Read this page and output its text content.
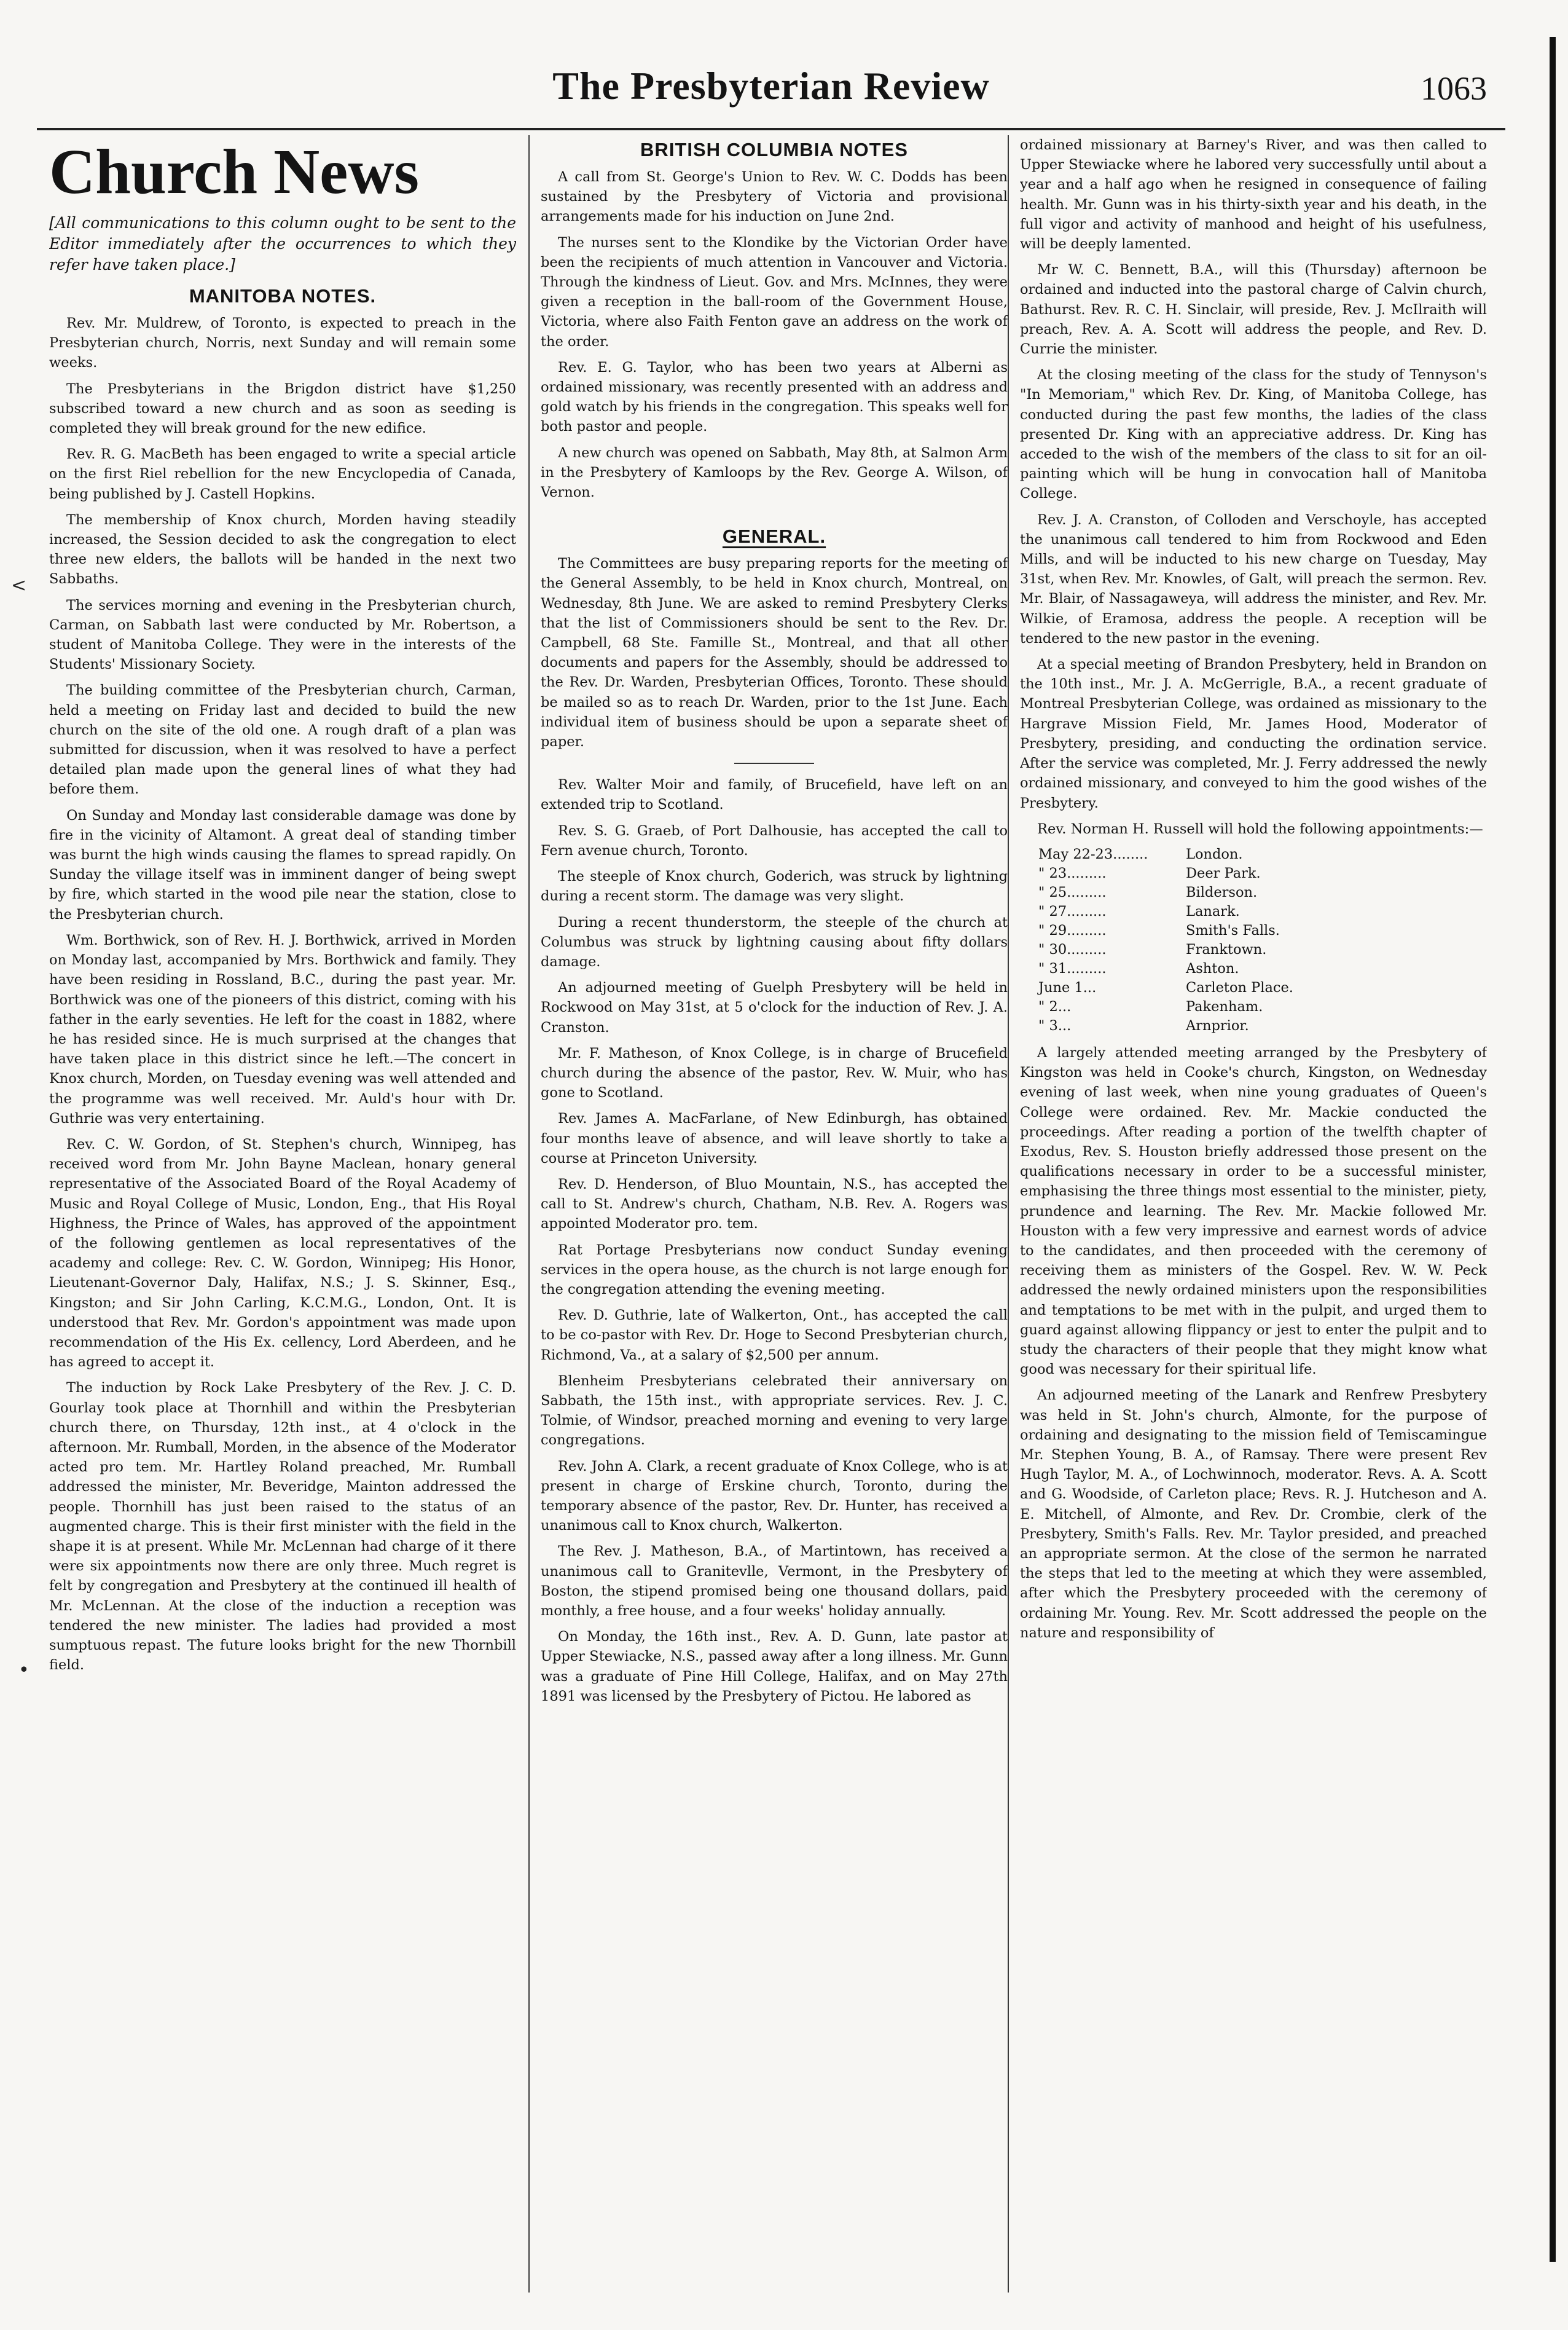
The Presbyterian Review	1063
<
•
Church News
[All communications to this column ought to be sent to the Editor immediately after the occurrences to which they refer have taken place.]
MANITOBA NOTES.

Rev. Mr. Muldrew, of Toronto, is expected to preach in the Presbyterian church, Norris, next Sunday and will remain some weeks.

The Presbyterians in the Brigdon district have $1,250 subscribed toward a new church and as soon as seeding is completed they will break ground for the new edifice.

Rev. R. G. MacBeth has been engaged to write a special article on the first Riel rebellion for the new Encyclopedia of Canada, being published by J. Castell Hopkins.

The membership of Knox church, Morden having steadily increased, the Session decided to ask the congregation to elect three new elders, the ballots will be handed in the next two Sabbaths.

The services morning and evening in the Presbyterian church, Carman, on Sabbath last were conducted by Mr. Robertson, a student of Manitoba College. They were in the interests of the Students' Missionary Society.

The building committee of the Presbyterian church, Carman, held a meeting on Friday last and decided to build the new church on the site of the old one. A rough draft of a plan was submitted for discussion, when it was resolved to have a perfect detailed plan made upon the general lines of what they had before them.

On Sunday and Monday last considerable damage was done by fire in the vicinity of Altamont. A great deal of standing timber was burnt the high winds causing the flames to spread rapidly. On Sunday the village itself was in imminent danger of being swept by fire, which started in the wood pile near the station, close to the Presbyterian church.

Wm. Borthwick, son of Rev. H. J. Borthwick, arrived in Morden on Monday last, accompanied by Mrs. Borthwick and family. They have been residing in Rossland, B.C., during the past year. Mr. Borthwick was one of the pioneers of this district, coming with his father in the early seventies. He left for the coast in 1882, where he has resided since. He is much surprised at the changes that have taken place in this district since he left.—The concert in Knox church, Morden, on Tuesday evening was well attended and the programme was well received. Mr. Auld's hour with Dr. Guthrie was very entertaining.

Rev. C. W. Gordon, of St. Stephen's church, Winnipeg, has received word from Mr. John Bayne Maclean, honary general representative of the Associated Board of the Royal Academy of Music and Royal College of Music, London, Eng., that His Royal Highness, the Prince of Wales, has approved of the appointment of the following gentlemen as local representatives of the academy and college: Rev. C. W. Gordon, Winnipeg; His Honor, Lieutenant-Governor Daly, Halifax, N.S.; J. S. Skinner, Esq., Kingston; and Sir John Carling, K.C.M.G., London, Ont. It is understood that Rev. Mr. Gordon's appointment was made upon recommendation of the His Ex. cellency, Lord Aberdeen, and he has agreed to accept it.

The induction by Rock Lake Presbytery of the Rev. J. C. D. Gourlay took place at Thornhill and within the Presbyterian church there, on Thursday, 12th inst., at 4 o'clock in the afternoon. Mr. Rumball, Morden, in the absence of the Moderator acted pro tem. Mr. Hartley Roland preached, Mr. Rumball addressed the minister, Mr. Beveridge, Mainton addressed the people. Thornhill has just been raised to the status of an augmented charge. This is their first minister with the field in the shape it is at present. While Mr. McLennan had charge of it there were six appointments now there are only three. Much regret is felt by congregation and Presbytery at the continued ill health of Mr. McLennan. At the close of the induction a reception was tendered the new minister. The ladies had provided a most sumptuous repast. The future looks bright for the new Thornbill field.

BRITISH COLUMBIA NOTES

A call from St. George's Union to Rev. W. C. Dodds has been sustained by the Presbytery of Victoria and provisional arrangements made for his induction on June 2nd.

The nurses sent to the Klondike by the Victorian Order have been the recipients of much attention in Vancouver and Victoria. Through the kindness of Lieut. Gov. and Mrs. McInnes, they were given a reception in the ball-room of the Government House, Victoria, where also Faith Fenton gave an address on the work of the order.

Rev. E. G. Taylor, who has been two years at Alberni as ordained missionary, was recently presented with an address and gold watch by his friends in the congregation. This speaks well for both pastor and people.

A new church was opened on Sabbath, May 8th, at Salmon Arm in the Presbytery of Kamloops by the Rev. George A. Wilson, of Vernon.

GENERAL.

The Committees are busy preparing reports for the meeting of the General Assembly, to be held in Knox church, Montreal, on Wednesday, 8th June. We are asked to remind Presbytery Clerks that the list of Commissioners should be sent to the Rev. Dr. Campbell, 68 Ste. Famille St., Montreal, and that all other documents and papers for the Assembly, should be addressed to the Rev. Dr. Warden, Presbyterian Offices, Toronto. These should be mailed so as to reach Dr. Warden, prior to the 1st June. Each individual item of business should be upon a separate sheet of paper.

Rev. Walter Moir and family, of Brucefield, have left on an extended trip to Scotland.

Rev. S. G. Graeb, of Port Dalhousie, has accepted the call to Fern avenue church, Toronto.

The steeple of Knox church, Goderich, was struck by lightning during a recent storm. The damage was very slight.

During a recent thunderstorm, the steeple of the church at Columbus was struck by lightning causing about fifty dollars damage.

An adjourned meeting of Guelph Presbytery will be held in Rockwood on May 31st, at 5 o'clock for the induction of Rev. J. A. Cranston.

Mr. F. Matheson, of Knox College, is in charge of Brucefield church during the absence of the pastor, Rev. W. Muir, who has gone to Scotland.

Rev. James A. MacFarlane, of New Edinburgh, has obtained four months leave of absence, and will leave shortly to take a course at Princeton University.

Rev. D. Henderson, of Bluo Mountain, N.S., has accepted the call to St. Andrew's church, Chatham, N.B. Rev. A. Rogers was appointed Moderator pro. tem.

Rat Portage Presbyterians now conduct Sunday evening services in the opera house, as the church is not large enough for the congregation attending the evening meeting.

Rev. D. Guthrie, late of Walkerton, Ont., has accepted the call to be co-pastor with Rev. Dr. Hoge to Second Presbyterian church, Richmond, Va., at a salary of $2,500 per annum.

Blenheim Presbyterians celebrated their anniversary on Sabbath, the 15th inst., with appropriate services. Rev. J. C. Tolmie, of Windsor, preached morning and evening to very large congregations.

Rev. John A. Clark, a recent graduate of Knox College, who is at present in charge of Erskine church, Toronto, during the temporary absence of the pastor, Rev. Dr. Hunter, has received a unanimous call to Knox church, Walkerton.

The Rev. J. Matheson, B.A., of Martintown, has received a unanimous call to Granitevlle, Vermont, in the Presbytery of Boston, the stipend promised being one thousand dollars, paid monthly, a free house, and a four weeks' holiday annually.

On Monday, the 16th inst., Rev. A. D. Gunn, late pastor at Upper Stewiacke, N.S., passed away after a long illness. Mr. Gunn was a graduate of Pine Hill College, Halifax, and on May 27th 1891 was licensed by the Presbytery of Pictou. He labored as

ordained missionary at Barney's River, and was then called to Upper Stewiacke where he labored very successfully until about a year and a half ago when he resigned in consequence of failing health. Mr. Gunn was in his thirty-sixth year and his death, in the full vigor and activity of manhood and height of his usefulness, will be deeply lamented.

Mr W. C. Bennett, B.A., will this (Thursday) afternoon be ordained and inducted into the pastoral charge of Calvin church, Bathurst. Rev. R. C. H. Sinclair, will preside, Rev. J. McIlraith will preach, Rev. A. A. Scott will address the people, and Rev. D. Currie the minister.

At the closing meeting of the class for the study of Tennyson's "In Memoriam," which Rev. Dr. King, of Manitoba College, has conducted during the past few months, the ladies of the class presented Dr. King with an appreciative address. Dr. King has acceded to the wish of the members of the class to sit for an oil-painting which will be hung in convocation hall of Manitoba College.

Rev. J. A. Cranston, of Colloden and Verschoyle, has accepted the unanimous call tendered to him from Rockwood and Eden Mills, and will be inducted to his new charge on Tuesday, May 31st, when Rev. Mr. Knowles, of Galt, will preach the sermon. Rev. Mr. Blair, of Nassagaweya, will address the minister, and Rev. Mr. Wilkie, of Eramosa, address the people. A reception will be tendered to the new pastor in the evening.

At a special meeting of Brandon Presbytery, held in Brandon on the 10th inst., Mr. J. A. McGerrigle, B.A., a recent graduate of Montreal Presbyterian College, was ordained as missionary to the Hargrave Mission Field, Mr. James Hood, Moderator of Presbytery, presiding, and conducting the ordination service. After the service was completed, Mr. J. Ferry addressed the newly ordained missionary, and conveyed to him the good wishes of the Presbytery.

Rev. Norman H. Russell will hold the following appointments:—

May 22-23........	London.
" 23.........	Deer Park.
" 25.........	Bilderson.
" 27.........	Lanark.
" 29.........	Smith's Falls.
" 30.........	Franktown.
" 31.........	Ashton.
June 1...	Carleton Place.
" 2...	Pakenham.
" 3...	Arnprior.

A largely attended meeting arranged by the Presbytery of Kingston was held in Cooke's church, Kingston, on Wednesday evening of last week, when nine young graduates of Queen's College were ordained. Rev. Mr. Mackie conducted the proceedings. After reading a portion of the twelfth chapter of Exodus, Rev. S. Houston briefly addressed those present on the qualifications necessary in order to be a successful minister, emphasising the three things most essential to the minister, piety, prundence and learning. The Rev. Mr. Mackie followed Mr. Houston with a few very impressive and earnest words of advice to the candidates, and then proceeded with the ceremony of receiving them as ministers of the Gospel. Rev. W. W. Peck addressed the newly ordained ministers upon the responsibilities and temptations to be met with in the pulpit, and urged them to guard against allowing flippancy or jest to enter the pulpit and to study the characters of their people that they might know what good was necessary for their spiritual life.

An adjourned meeting of the Lanark and Renfrew Presbytery was held in St. John's church, Almonte, for the purpose of ordaining and designating to the mission field of Temiscamingue Mr. Stephen Young, B. A., of Ramsay. There were present Rev Hugh Taylor, M. A., of Lochwinnoch, moderator. Revs. A. A. Scott and G. Woodside, of Carleton place; Revs. R. J. Hutcheson and A. E. Mitchell, of Almonte, and Rev. Dr. Crombie, clerk of the Presbytery, Smith's Falls. Rev. Mr. Taylor presided, and preached an appropriate sermon. At the close of the sermon he narrated the steps that led to the meeting at which they were assembled, after which the Presbytery proceeded with the ceremony of ordaining Mr. Young. Rev. Mr. Scott addressed the people on the nature and responsibility of
